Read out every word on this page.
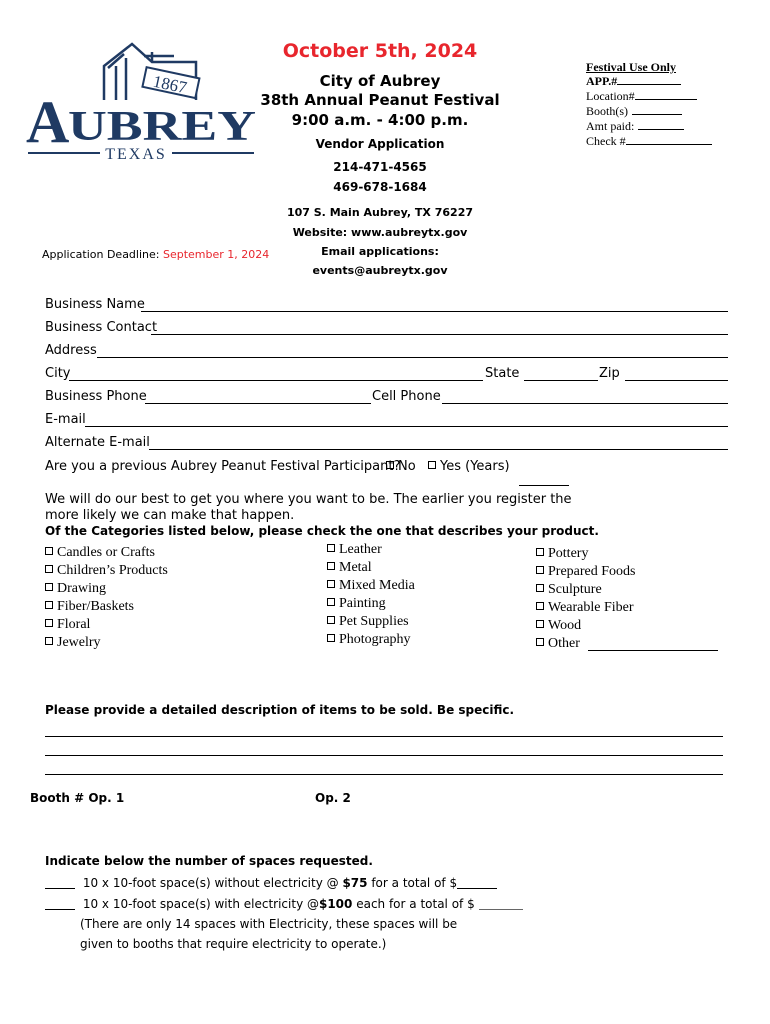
1867
A
UBREY
TEXAS
October 5th, 2024
City of Aubrey
38th Annual Peanut Festival
9:00 a.m. - 4:00 p.m.
Vendor Application
214-471-4565
469-678-1684
107 S. Main Aubrey, TX 76227
Website: www.aubreytx.gov
Email applications:
events@aubreytx.gov
Application Deadline: September 1, 2024
Festival Use Only
APP.#
Location#
Booth(s)
Amt paid:
Check #
Business Name
Business Contact
Address
City	State	Zip
Business Phone	Cell Phone
E-mail
Alternate E-mail
Are you a previous Aubrey Peanut Festival Participant?
No	Yes (Years)
We will do our best to get you where you want to be. The earlier you register the
more likely we can make that happen.
Of the Categories listed below, please check the one that describes your product.
Candles or Crafts
Children’s Products
Drawing
Fiber/Baskets
Floral
Jewelry
Leather
Metal
Mixed Media
Painting
Pet Supplies
Photography
Pottery
Prepared Foods
Sculpture
Wearable Fiber
Wood
Other
Please provide a detailed description of items to be sold. Be specific.
Booth # Op. 1	Op. 2
Indicate below the number of spaces requested.
10 x 10-foot space(s) without electricity @ $75 for a total of $
10 x 10-foot space(s) with electricity @$100 each for a total of $
(There are only 14 spaces with Electricity, these spaces will be
given to booths that require electricity to operate.)
